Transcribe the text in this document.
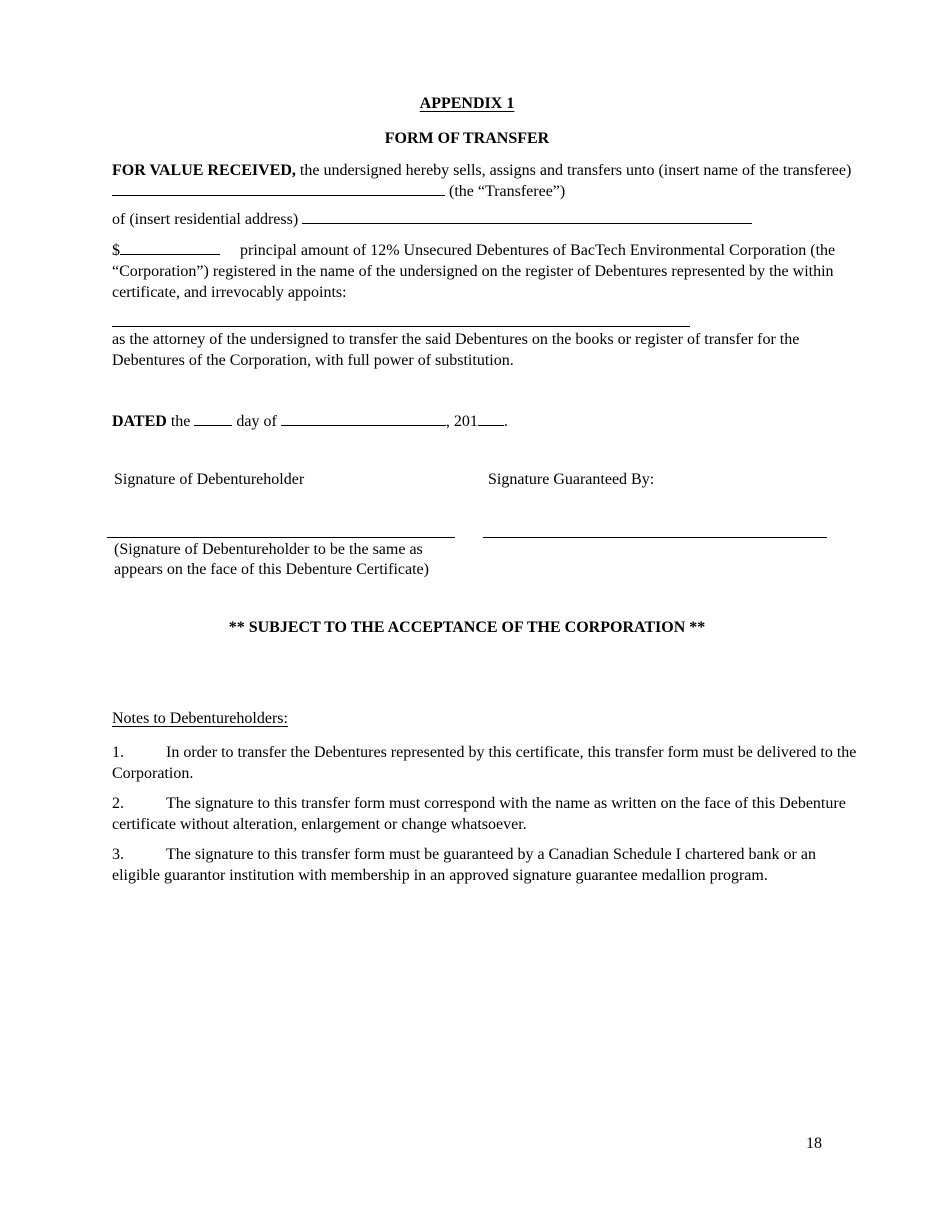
APPENDIX 1
FORM OF TRANSFER

FOR VALUE RECEIVED, the undersigned hereby sells, assigns and transfers unto (insert name of the transferee)
(the “Transferee”)

of (insert residential address)

$	principal amount of 12% Unsecured Debentures of BacTech Environmental Corporation (the
“Corporation”) registered in the name of the undersigned on the register of Debentures represented by the within
certificate, and irrevocably appoints:

as the attorney of the undersigned to transfer the said Debentures on the books or register of transfer for the
Debentures of the Corporation, with full power of substitution.

DATED the	day of	, 201 .

Signature of Debentureholder	Signature Guaranteed By:

(Signature of Debentureholder to be the same as
appears on the face of this Debenture Certificate)

** SUBJECT TO THE ACCEPTANCE OF THE CORPORATION **
Notes to Debentureholders:

1.	In order to transfer the Debentures represented by this certificate, this transfer form must be delivered to the
Corporation.

2.	The signature to this transfer form must correspond with the name as written on the face of this Debenture
certificate without alteration, enlargement or change whatsoever.

3.	The signature to this transfer form must be guaranteed by a Canadian Schedule I chartered bank or an
eligible guarantor institution with membership in an approved signature guarantee medallion program.

18
